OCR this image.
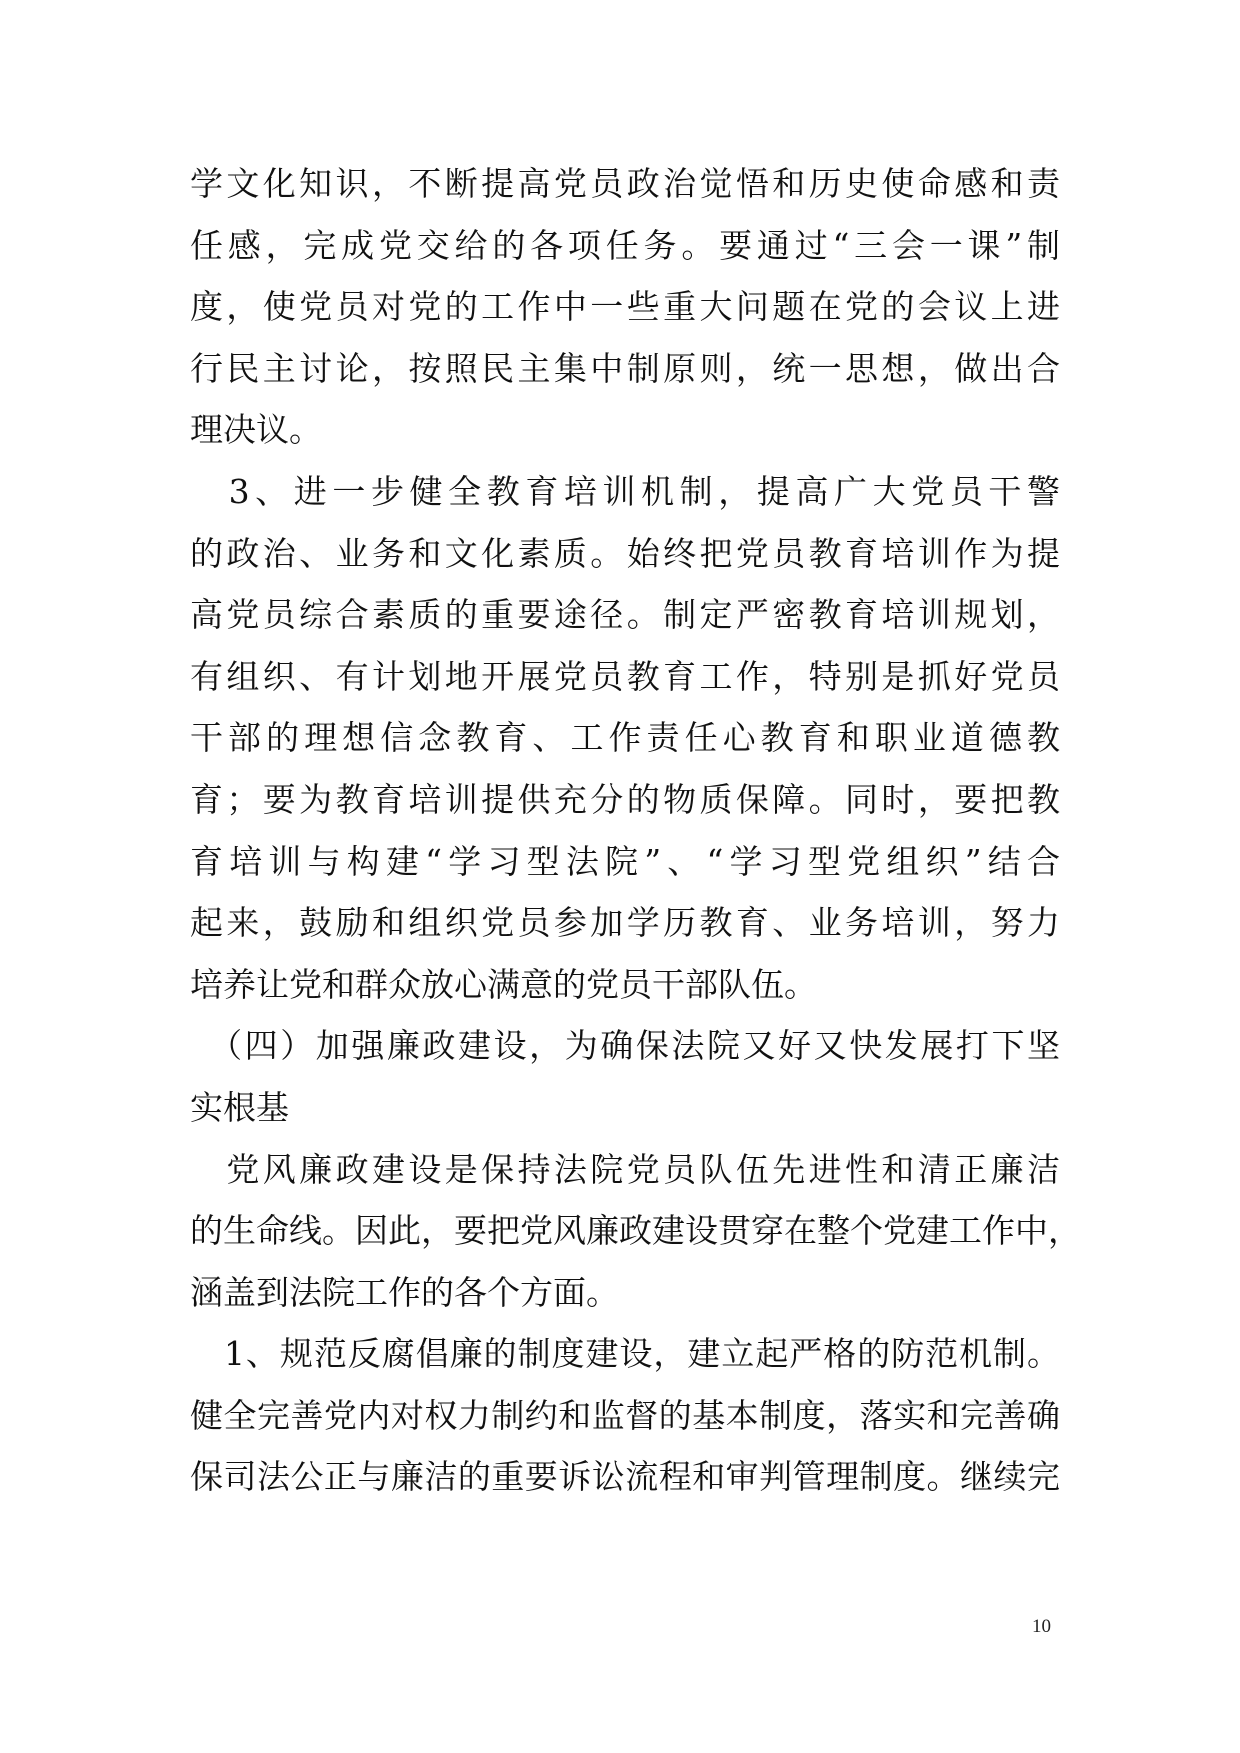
学文化知识，不断提高党员政治觉悟和历史使命感和责
任感，完成党交给的各项任务。要通过“三会一课”制
度，使党员对党的工作中一些重大问题在党的会议上进
行民主讨论，按照民主集中制原则，统一思想，做出合
理决议。
　3、进一步健全教育培训机制，提高广大党员干警
的政治、业务和文化素质。始终把党员教育培训作为提
高党员综合素质的重要途径。制定严密教育培训规划，
有组织、有计划地开展党员教育工作，特别是抓好党员
干部的理想信念教育、工作责任心教育和职业道德教
育；要为教育培训提供充分的物质保障。同时，要把教
育培训与构建“学习型法院”、“学习型党组织”结合
起来，鼓励和组织党员参加学历教育、业务培训，努力
培养让党和群众放心满意的党员干部队伍。
　（四）加强廉政建设，为确保法院又好又快发展打下坚
实根基
　党风廉政建设是保持法院党员队伍先进性和清正廉洁
的生命线。因此，要把党风廉政建设贯穿在整个党建工作中，
涵盖到法院工作的各个方面。
　1、规范反腐倡廉的制度建设，建立起严格的防范机制。
健全完善党内对权力制约和监督的基本制度，落实和完善确
保司法公正与廉洁的重要诉讼流程和审判管理制度。继续完
10
